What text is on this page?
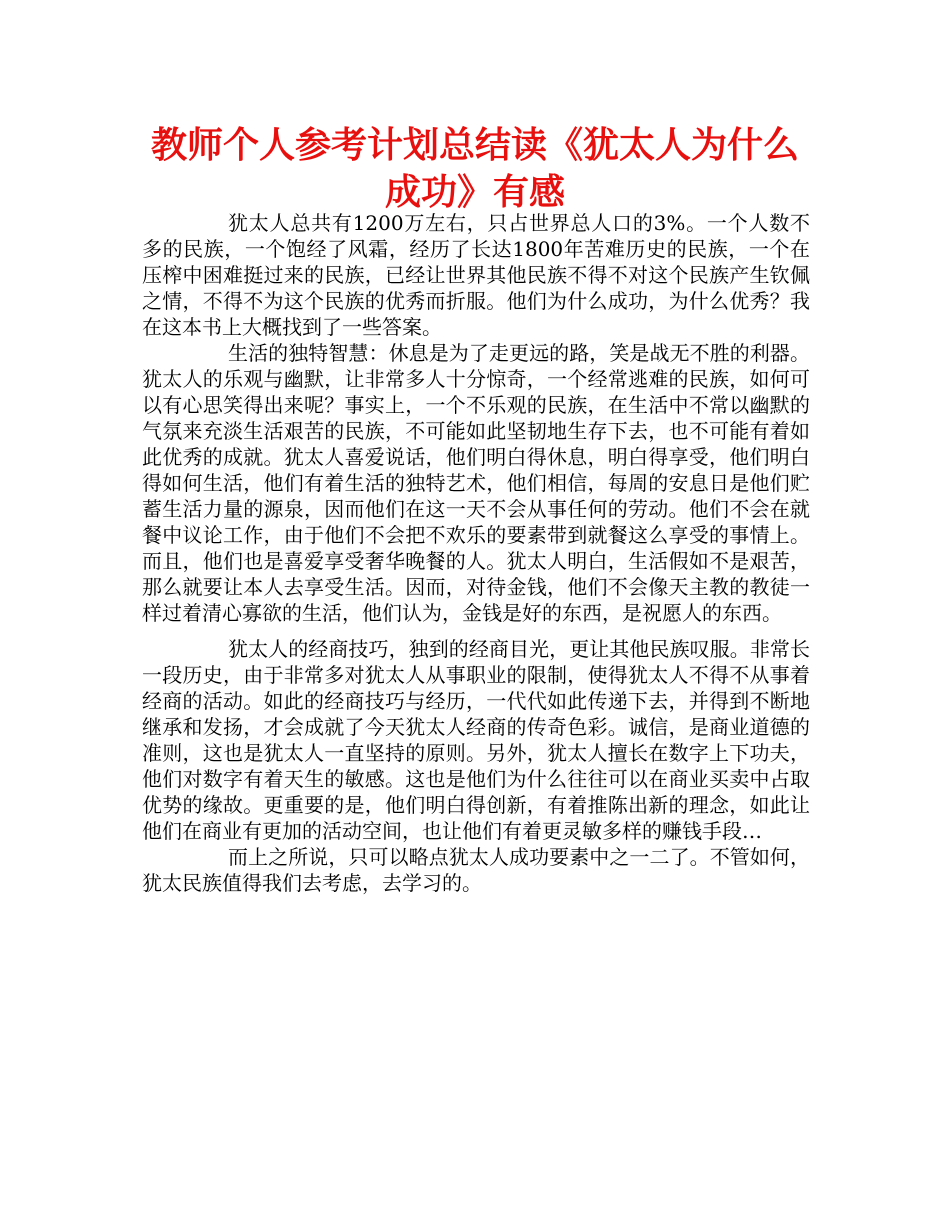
教师个人参考计划总结读《犹太人为什么成功》有感

犹太人总共有1200万左右，只占世界总人口的3%。一个人数不多的民族，一个饱经了风霜，经历了长达1800年苦难历史的民族，一个在压榨中困难挺过来的民族，已经让世界其他民族不得不对这个民族产生钦佩之情，不得不为这个民族的优秀而折服。他们为什么成功，为什么优秀？我在这本书上大概找到了一些答案。

生活的独特智慧：休息是为了走更远的路，笑是战无不胜的利器。犹太人的乐观与幽默，让非常多人十分惊奇，一个经常逃难的民族，如何可以有心思笑得出来呢？事实上，一个不乐观的民族，在生活中不常以幽默的气氛来充淡生活艰苦的民族，不可能如此坚韧地生存下去，也不可能有着如此优秀的成就。犹太人喜爱说话，他们明白得休息，明白得享受，他们明白得如何生活，他们有着生活的独特艺术，他们相信，每周的安息日是他们贮蓄生活力量的源泉，因而他们在这一天不会从事任何的劳动。他们不会在就餐中议论工作，由于他们不会把不欢乐的要素带到就餐这么享受的事情上。而且，他们也是喜爱享受奢华晚餐的人。犹太人明白，生活假如不是艰苦，那么就要让本人去享受生活。因而，对待金钱，他们不会像天主教的教徒一样过着清心寡欲的生活，他们认为，金钱是好的东西，是祝愿人的东西。

犹太人的经商技巧，独到的经商目光，更让其他民族叹服。非常长一段历史，由于非常多对犹太人从事职业的限制，使得犹太人不得不从事着经商的活动。如此的经商技巧与经历，一代代如此传递下去，并得到不断地继承和发扬，才会成就了今天犹太人经商的传奇色彩。诚信，是商业道德的准则，这也是犹太人一直坚持的原则。另外，犹太人擅长在数字上下功夫，他们对数字有着天生的敏感。这也是他们为什么往往可以在商业买卖中占取优势的缘故。更重要的是，他们明白得创新，有着推陈出新的理念，如此让他们在商业有更加的活动空间，也让他们有着更灵敏多样的赚钱手段…

而上之所说，只可以略点犹太人成功要素中之一二了。不管如何，犹太民族值得我们去考虑，去学习的。
